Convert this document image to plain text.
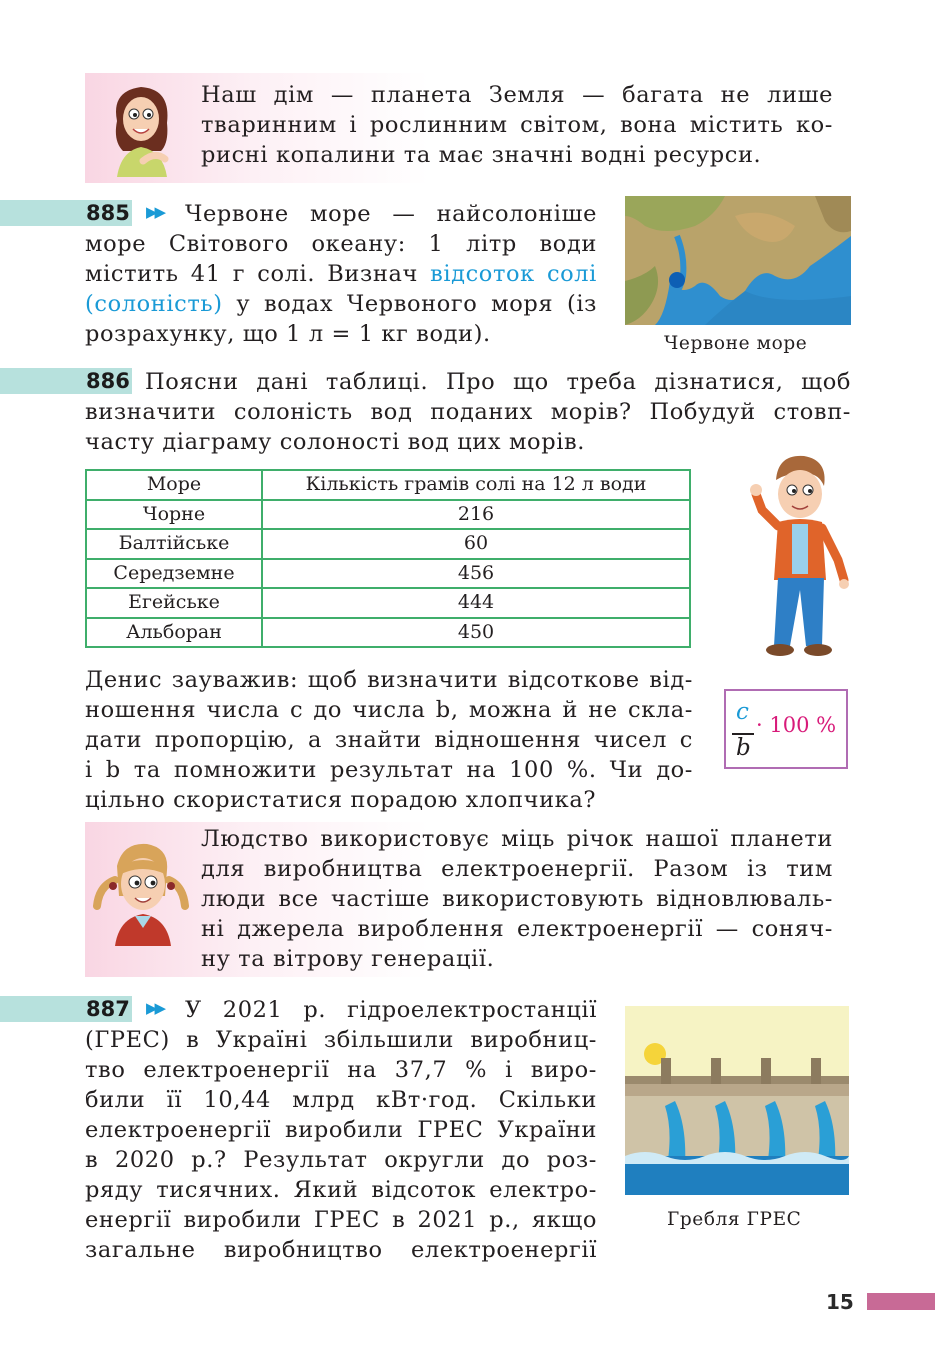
Наш дім — планета Земля — багата не лише
тваринним і рослинним світом, вона містить ко-
рисні копалини та має значні водні ресурси.
885 ▶▶ Червоне море — найсолоніше
море Світового океану: 1 літр води
містить 41 г солі. Визнач відсоток солі
(солоність) у водах Червоного моря (із
розрахунку, що 1 л = 1 кг води).	Червоне море
886 Поясни дані таблиці. Про що треба дізнатися, щоб
визначити солоність вод поданих морів? Побудуй стовп-
часту діаграму солоності вод цих морів.
Море	Кількість грамів солі на 12 л води
Чорне	216
Балтійське	60
Середземне	456
Егейське	444
Альборан	450
Денис зауважив: щоб визначити відсоткове від-
ношення числа c до числа b, можна й не скла-
дати пропорцію, а знайти відношення чисел c
і b та помножити результат на 100 %. Чи до-
цільно скористатися порадою хлопчика?
c
b
· 100 %
Людство використовує міць річок нашої планети
для виробництва електроенергії. Разом із тим
люди все частіше використовують відновлюваль-
ні джерела вироблення електроенергії — соняч-
ну та вітрову генерації.
887 ▶▶ У 2021 р. гідроелектростанції
(ГРЕС) в Україні збільшили виробниц-
тво електроенергії на 37,7 % і виро-
били її 10,44 млрд кВт·год. Скільки
електроенергії виробили ГРЕС України
в 2020 р.? Результат округли до роз-
ряду тисячних. Який відсоток електро-
енергії виробили ГРЕС в 2021 р., якщо
загальне виробництво електроенергії
Гребля ГРЕС
15
